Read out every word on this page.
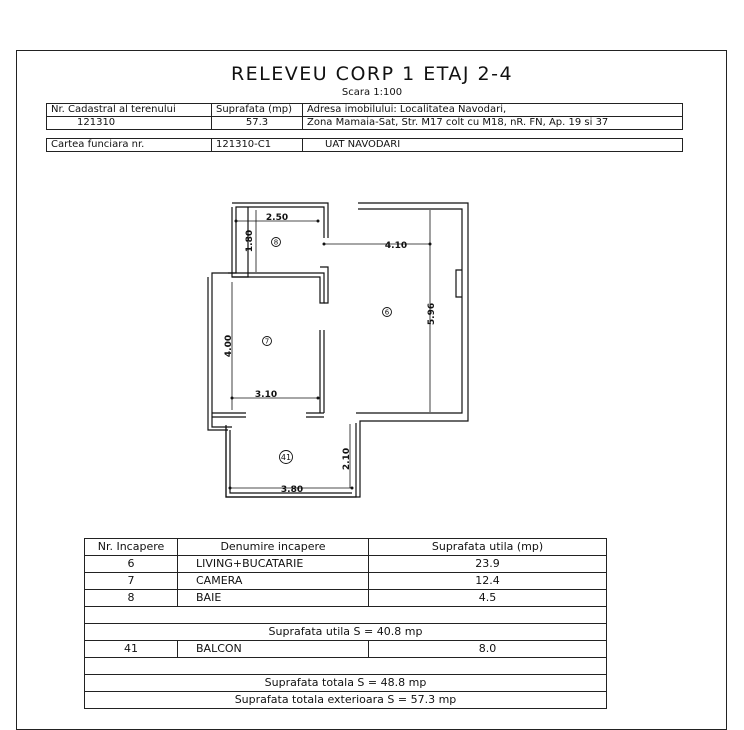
RELEVEU CORP 1 ETAJ 2-4
Scara 1:100
Nr. Cadastral al terenului	Suprafata (mp)	Adresa imobilului: Localitatea Navodari,
121310	57.3	Zona Mamaia-Sat, Str. M17 colt cu M18, nR. FN, Ap. 19 si 37
Cartea funciara nr.	121310-C1	UAT NAVODARI
2.50
1.80	4.10
5.96
4.00
3.10
2.10
3.80
8
6
7
41
Nr. Incapere	Denumire incapere	Suprafata utila (mp)
6	LIVING+BUCATARIE	23.9
7	CAMERA	12.4
8	BAIE	4.5

Suprafata utila S = 40.8 mp		
41	BALCON	8.0

Suprafata totala S = 48.8 mp		
Suprafata totala exterioara S = 57.3 mp		
